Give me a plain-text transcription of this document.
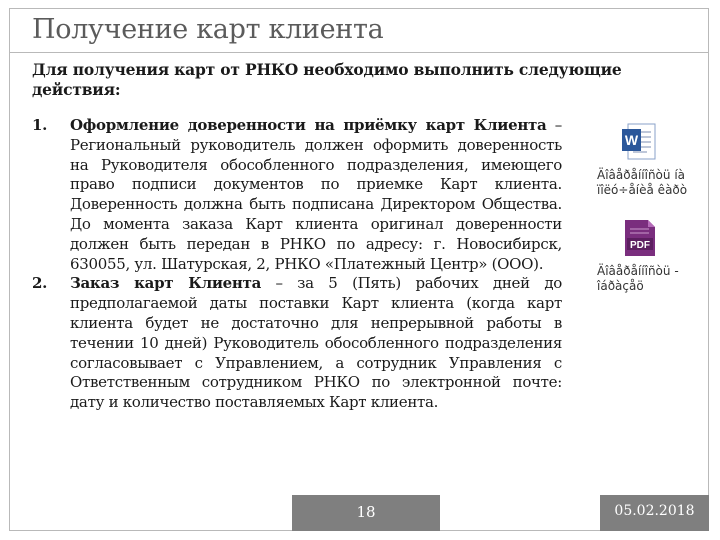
Получение карт клиента
Для получения карт от РНКО необходимо выполнить следующие действия:
1. Оформление доверенности на приёмку карт Клиента – Региональный руководитель должен оформить доверенность на Руководителя обособленного подразделения, имеющего право подписи документов по приемке Карт клиента. Доверенность должна быть подписана Директором Общества. До момента заказа Карт клиента оригинал доверенности должен быть передан в РНКО по адресу: г. Новосибирск, 630055, ул. Шатурская, 2, РНКО «Платежный Центр» (ООО).
2. Заказ карт Клиента – за 5 (Пять) рабочих дней до предполагаемой даты поставки Карт клиента (когда карт клиента будет не достаточно для непрерывной работы в течении 10 дней) Руководитель обособленного подразделения согласовывает с Управлением, а сотрудник Управления с Ответственным сотрудником РНКО по электронной почте: дату и количество поставляемых Карт клиента.
W
Äîâåðåííîñòü íà
ïîëó÷åíèå êàðò
PDF
Äîâåðåííîñòü -
îáðàçåö
18	05.02.2018
